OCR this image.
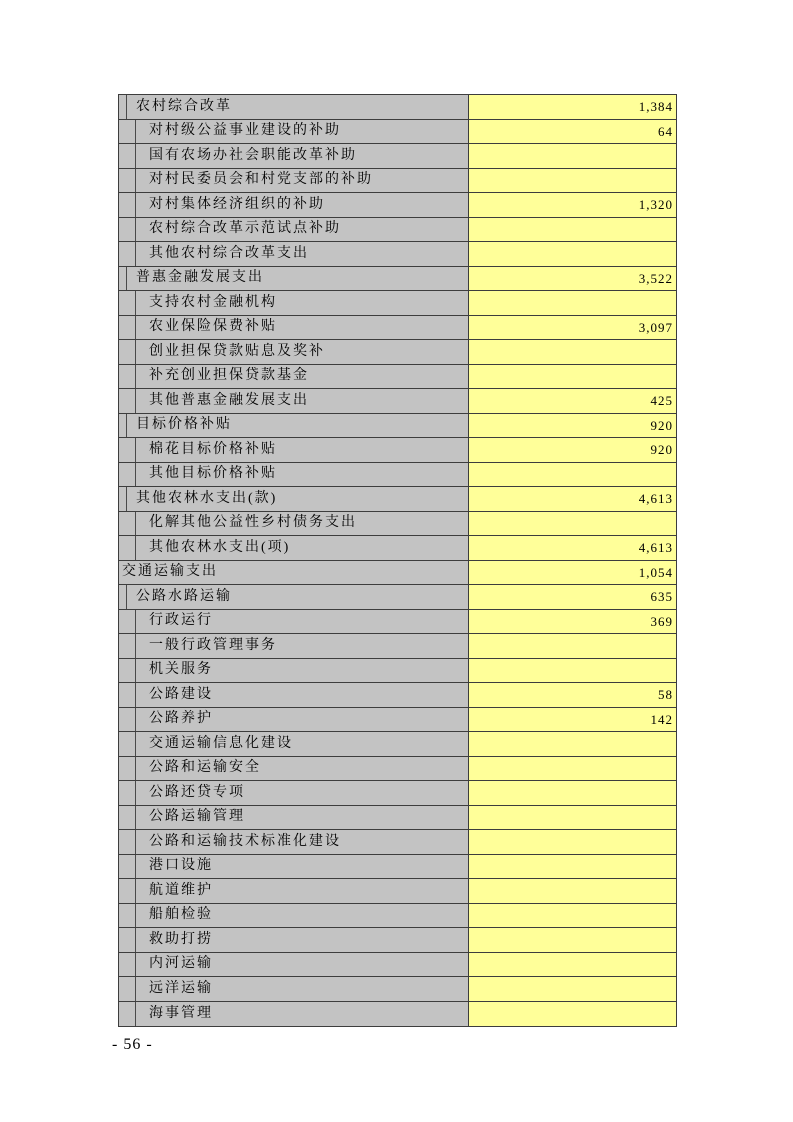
农村综合改革	1,384
对村级公益事业建设的补助	64
国有农场办社会职能改革补助
对村民委员会和村党支部的补助
对村集体经济组织的补助	1,320
农村综合改革示范试点补助
其他农村综合改革支出
普惠金融发展支出	3,522
支持农村金融机构
农业保险保费补贴	3,097
创业担保贷款贴息及奖补
补充创业担保贷款基金
其他普惠金融发展支出	425
目标价格补贴	920
棉花目标价格补贴	920
其他目标价格补贴
其他农林水支出(款)	4,613
化解其他公益性乡村债务支出
其他农林水支出(项)	4,613
交通运输支出	1,054
公路水路运输	635
行政运行	369
一般行政管理事务
机关服务
公路建设	58
公路养护	142
交通运输信息化建设
公路和运输安全
公路还贷专项
公路运输管理
公路和运输技术标准化建设
港口设施
航道维护
船舶检验
救助打捞
内河运输
远洋运输
海事管理
- 56 -
